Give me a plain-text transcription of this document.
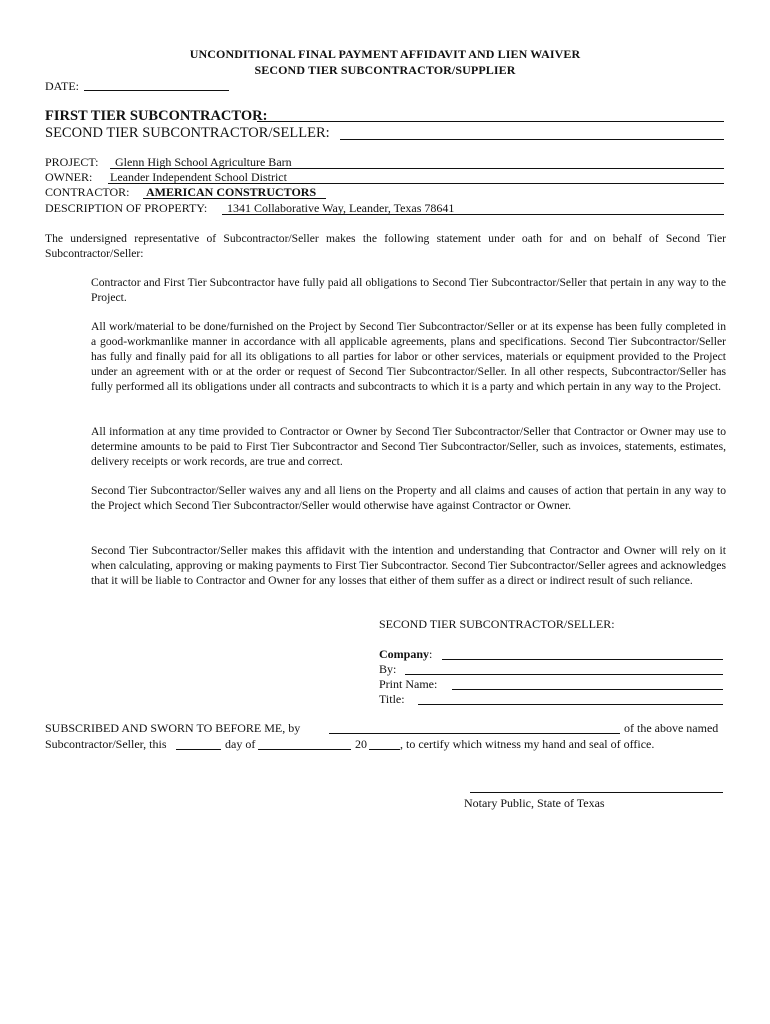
UNCONDITIONAL FINAL PAYMENT AFFIDAVIT AND LIEN WAIVER
SECOND TIER SUBCONTRACTOR/SUPPLIER
DATE:
FIRST TIER SUBCONTRACTOR:
SECOND TIER SUBCONTRACTOR/SELLER:
PROJECT: Glenn High School Agriculture Barn
OWNER: Leander Independent School District
CONTRACTOR: AMERICAN CONSTRUCTORS
DESCRIPTION OF PROPERTY: 1341 Collaborative Way, Leander, Texas 78641
The undersigned representative of Subcontractor/Seller makes the following statement under oath for and on behalf of Second Tier Subcontractor/Seller:
Contractor and First Tier Subcontractor have fully paid all obligations to Second Tier Subcontractor/Seller that pertain in any way to the Project.
All work/material to be done/furnished on the Project by Second Tier Subcontractor/Seller or at its expense has been fully completed in a good-workmanlike manner in accordance with all applicable agreements, plans and specifications. Second Tier Subcontractor/Seller has fully and finally paid for all its obligations to all parties for labor or other services, materials or equipment provided to the Project under an agreement with or at the order or request of Second Tier Subcontractor/Seller. In all other respects, Subcontractor/Seller has fully performed all its obligations under all contracts and subcontracts to which it is a party and which pertain in any way to the Project.
All information at any time provided to Contractor or Owner by Second Tier Subcontractor/Seller that Contractor or Owner may use to determine amounts to be paid to First Tier Subcontractor and Second Tier Subcontractor/Seller, such as invoices, statements, estimates, delivery receipts or work records, are true and correct.
Second Tier Subcontractor/Seller waives any and all liens on the Property and all claims and causes of action that pertain in any way to the Project which Second Tier Subcontractor/Seller would otherwise have against Contractor or Owner.
Second Tier Subcontractor/Seller makes this affidavit with the intention and understanding that Contractor and Owner will rely on it when calculating, approving or making payments to First Tier Subcontractor. Second Tier Subcontractor/Seller agrees and acknowledges that it will be liable to Contractor and Owner for any losses that either of them suffer as a direct or indirect result of such reliance.
SECOND TIER SUBCONTRACTOR/SELLER:
Company:
By:
Print Name:
Title:
SUBSCRIBED AND SWORN TO BEFORE ME, by	of the above named
Subcontractor/Seller, this	day of	20	, to certify which witness my hand and seal of office.
Notary Public, State of Texas
